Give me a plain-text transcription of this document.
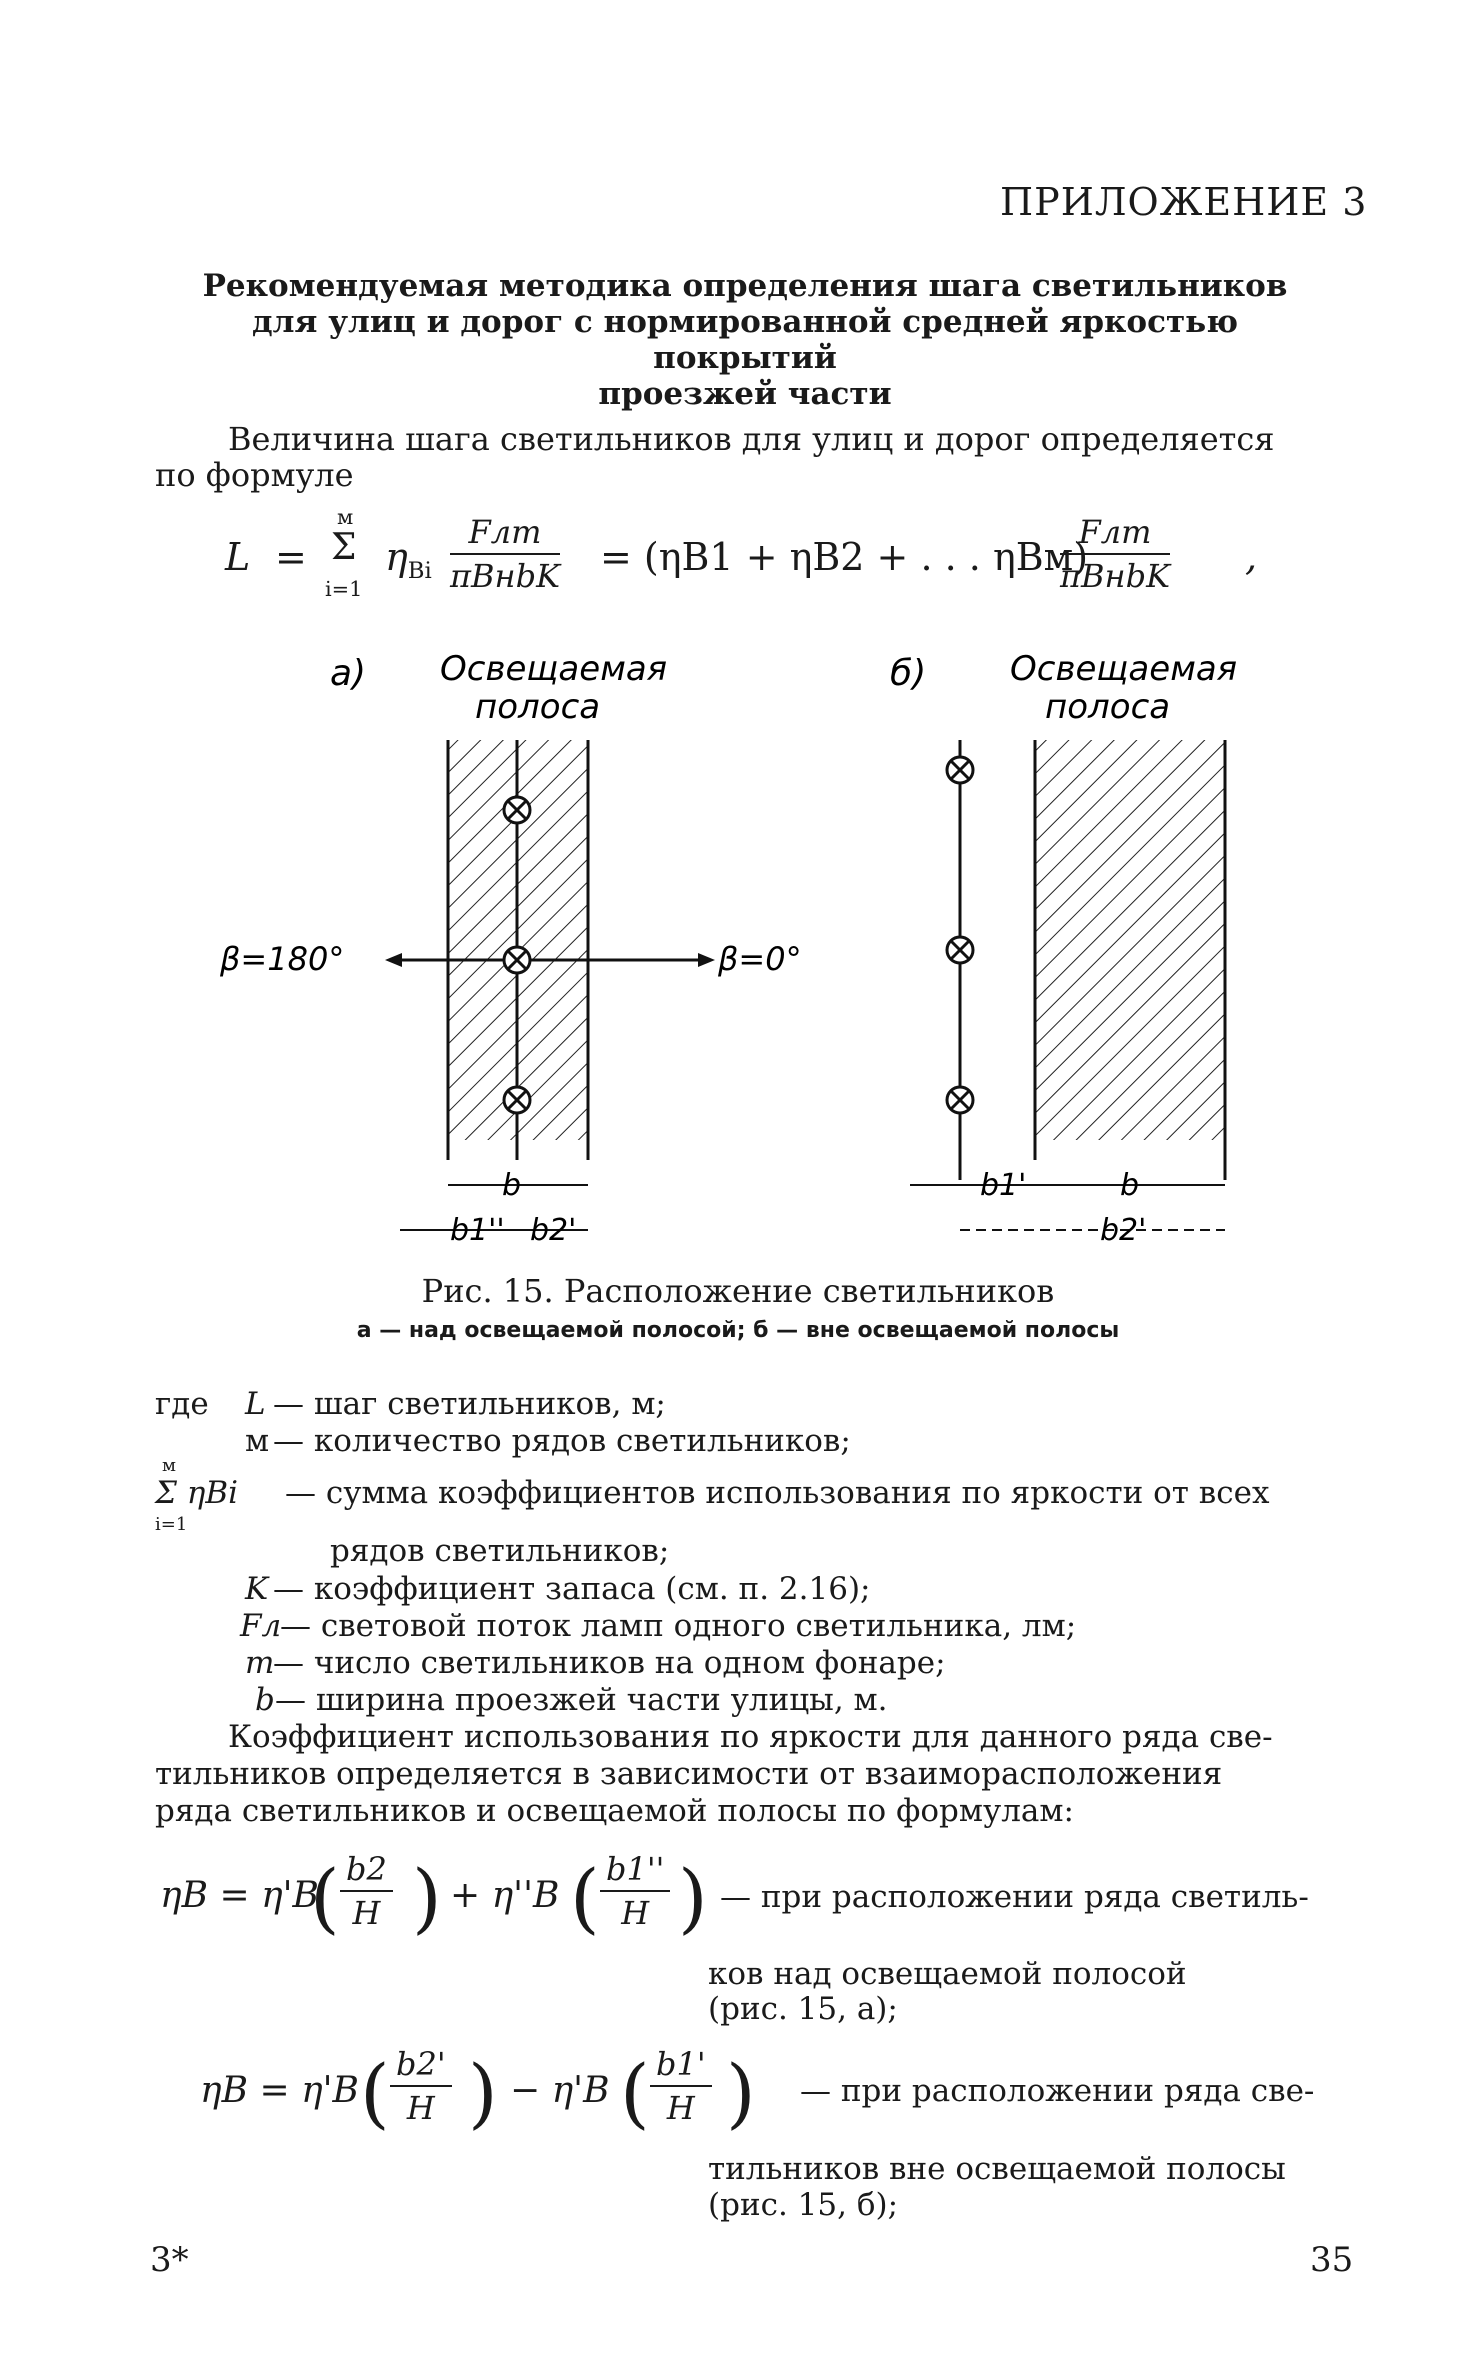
ПРИЛОЖЕНИЕ 3
Рекомендуемая методика определения шага светильников
для улиц и дорог с нормированной средней яркостью покрытий
проезжей части
Величина шага светильников для улиц и дорог определяется
по формуле
L =
м
Σ
i=1
$\eta_{Bi}$
Fлm
πBнbK = (ηB1 + ηB2 + . . . ηBм)
Fлm
πBнbK ,
а) Освещаемая
полоса
β=180°	β=0°
b
b1'' b2'
б) Освещаемая
полоса
b1'	b
b2'
Рис. 15. Расположение светильников
а — над освещаемой полосой; б — вне освещаемой полосы
где L — шаг светильников, м;
м — количество рядов светильников;
м
Σ ηBi
i=1
— сумма коэффициентов использования по яркости от всех
рядов светильников;
K — коэффициент запаса (см. п. 2.16);
Fл
— световой поток ламп одного светильника, лм;
m
— число светильников на одном фонаре;
b — ширина проезжей части улицы, м.
Коэффициент использования по яркости для данного ряда све-
тильников определяется в зависимости от взаиморасположения
ряда светильников и освещаемой полосы по формулам:
ηB = η'B
( $\frac{b2}{H}$ ) + η''B ( $\frac{b1''}{H}$ ) — при расположении ряда светиль-
ков над освещаемой полосой
(рис. 15, а);
ηB = η'B ( $\frac{b2'}{H}$ ) − η'B ( $\frac{b1'}{H}$ ) — при расположении ряда све-
тильников вне освещаемой полосы
(рис. 15, б);
3*	35
